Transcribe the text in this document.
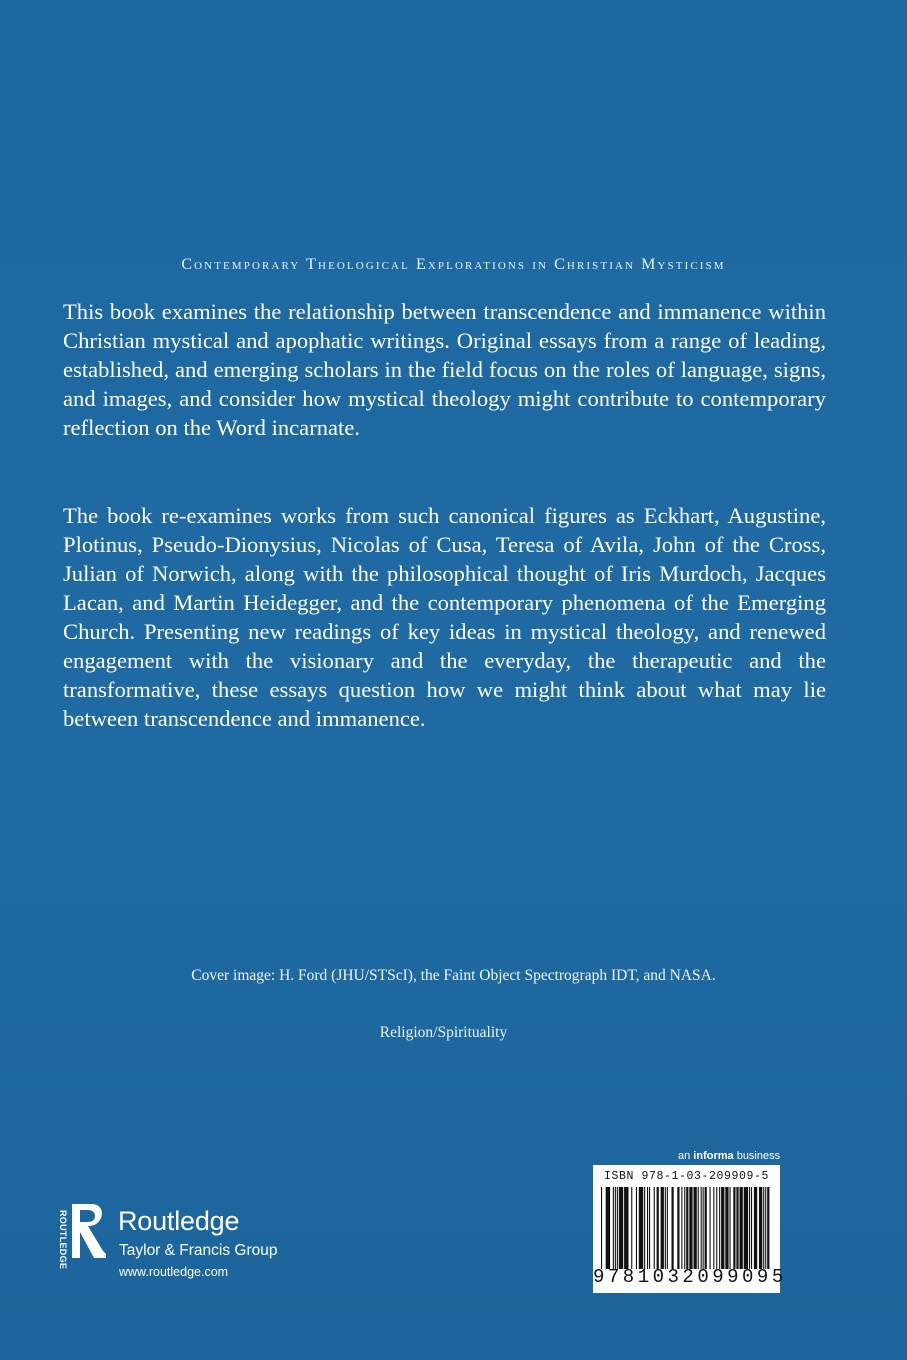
Contemporary Theological Explorations in Christian Mysticism

This book examines the relationship between transcendence and immanence within Christian mystical and apophatic writings. Original essays from a range of leading, established, and emerging scholars in the field focus on the roles of language, signs, and images, and consider how mystical theology might contribute to contemporary reflection on the Word incarnate.

The book re-examines works from such canonical figures as Eckhart, Augustine, Plotinus, Pseudo-Dionysius, Nicolas of Cusa, Teresa of Avila, John of the Cross, Julian of Norwich, along with the philosophical thought of Iris Murdoch, Jacques Lacan, and Martin Heidegger, and the contemporary phenomena of the Emerging Church. Presenting new readings of key ideas in mystical theology, and renewed engagement with the visionary and the everyday, the therapeutic and the transformative, these essays question how we might think about what may lie between transcendence and immanence.

Cover image: H. Ford (JHU/STScI), the Faint Object Spectrograph IDT, and NASA.
Religion/Spirituality
ROUTLEDGE Routledge
Taylor & Francis Group
www.routledge.com
an informa business
ISBN 978-1-03-209909-5
9781032099095
